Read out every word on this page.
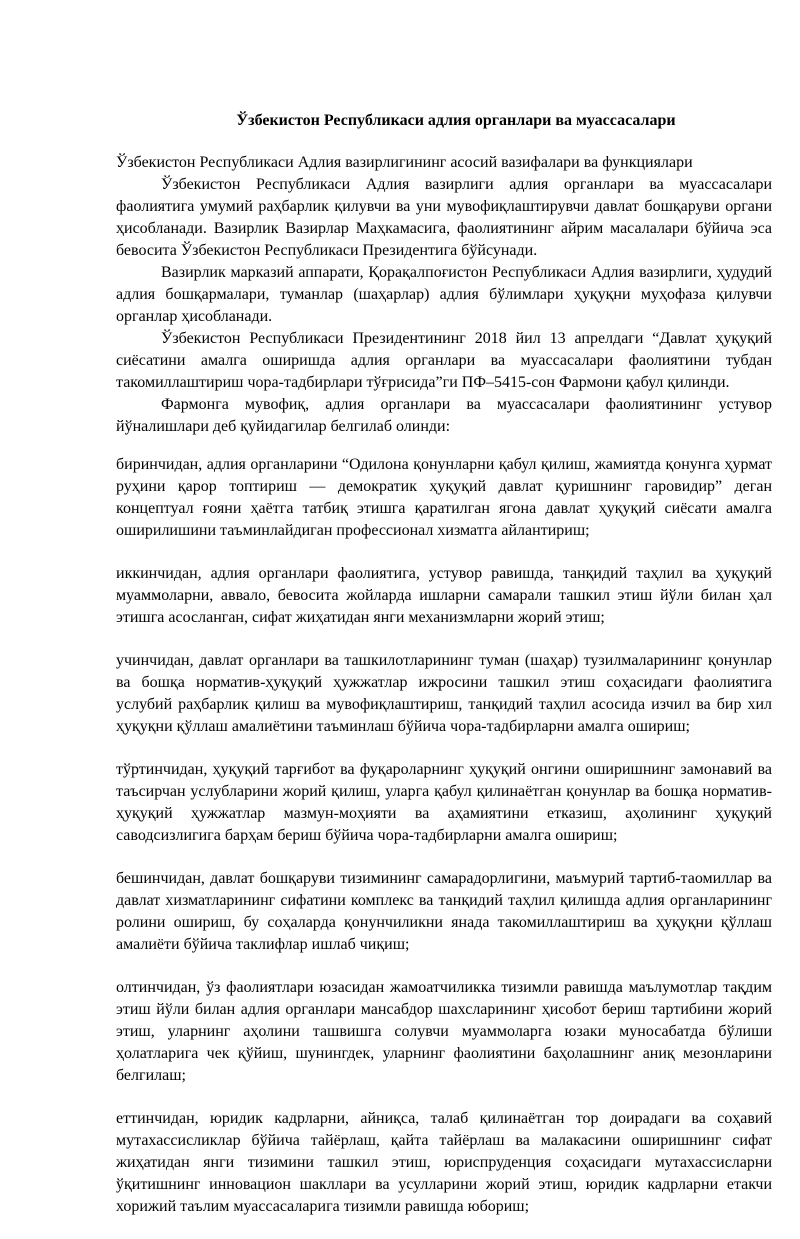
Ўзбекистон Республикаси адлия органлари ва муассасалари

Ўзбекистон Республикаси Адлия вазирлигининг асосий вазифалари ва функциялари

Ўзбекистон Республикаси Адлия вазирлиги адлия органлари ва муассасалари фаолиятига умумий раҳбарлик қилувчи ва уни мувофиқлаштирувчи давлат бошқаруви органи ҳисобланади. Вазирлик Вазирлар Маҳкамасига, фаолиятининг айрим масалалари бўйича эса бевосита Ўзбекистон Республикаси Президентига бўйсунади.

Вазирлик марказий аппарати, Қорақалпоғистон Республикаси Адлия вазирлиги, ҳудудий адлия бошқармалари, туманлар (шаҳарлар) адлия бўлимлари ҳуқуқни муҳофаза қилувчи органлар ҳисобланади.

Ўзбекистон Республикаси Президентининг 2018 йил 13 апрелдаги “Давлат ҳуқуқий сиёсатини амалга оширишда адлия органлари ва муассасалари фаолиятини тубдан такомиллаштириш чора-тадбирлари тўғрисида”ги ПФ–5415-сон Фармони қабул қилинди.

Фармонга мувофиқ, адлия органлари ва муассасалари фаолиятининг устувор йўналишлари деб қуйидагилар белгилаб олинди:

биринчидан, адлия органларини “Одилона қонунларни қабул қилиш, жамиятда қонунга ҳурмат руҳини қарор топтириш — демократик ҳуқуқий давлат қуришнинг гаровидир” деган концептуал ғояни ҳаётга татбиқ этишга қаратилган ягона давлат ҳуқуқий сиёсати амалга оширилишини таъминлайдиган профессионал хизматга айлантириш;

иккинчидан, адлия органлари фаолиятига, устувор равишда, танқидий таҳлил ва ҳуқуқий муаммоларни, аввало, бевосита жойларда ишларни самарали ташкил этиш йўли билан ҳал этишга асосланган, сифат жиҳатидан янги механизмларни жорий этиш;

учинчидан, давлат органлари ва ташкилотларининг туман (шаҳар) тузилмаларининг қонунлар ва бошқа норматив-ҳуқуқий ҳужжатлар ижросини ташкил этиш соҳасидаги фаолиятига услубий раҳбарлик қилиш ва мувофиқлаштириш, танқидий таҳлил асосида изчил ва бир хил ҳуқуқни қўллаш амалиётини таъминлаш бўйича чора-тадбирларни амалга ошириш;

тўртинчидан, ҳуқуқий тарғибот ва фуқароларнинг ҳуқуқий онгини оширишнинг замонавий ва таъсирчан услубларини жорий қилиш, уларга қабул қилинаётган қонунлар ва бошқа норматив-ҳуқуқий ҳужжатлар мазмун-моҳияти ва аҳамиятини етказиш, аҳолининг ҳуқуқий саводсизлигига барҳам бериш бўйича чора-тадбирларни амалга ошириш;

бешинчидан, давлат бошқаруви тизимининг самарадорлигини, маъмурий тартиб-таомиллар ва давлат хизматларининг сифатини комплекс ва танқидий таҳлил қилишда адлия органларининг ролини ошириш, бу соҳаларда қонунчиликни янада такомиллаштириш ва ҳуқуқни қўллаш амалиёти бўйича таклифлар ишлаб чиқиш;

олтинчидан, ўз фаолиятлари юзасидан жамоатчиликка тизимли равишда маълумотлар тақдим этиш йўли билан адлия органлари мансабдор шахсларининг ҳисобот бериш тартибини жорий этиш, уларнинг аҳолини ташвишга солувчи муаммоларга юзаки муносабатда бўлиши ҳолатларига чек қўйиш, шунингдек, уларнинг фаолиятини баҳолашнинг аниқ мезонларини белгилаш;

еттинчидан, юридик кадрларни, айниқса, талаб қилинаётган тор доирадаги ва соҳавий мутахассисликлар бўйича тайёрлаш, қайта тайёрлаш ва малакасини оширишнинг сифат жиҳатидан янги тизимини ташкил этиш, юриспруденция соҳасидаги мутахассисларни ўқитишнинг инновацион шакллари ва усулларини жорий этиш, юридик кадрларни етакчи хорижий таълим муассасаларига тизимли равишда юбориш;
